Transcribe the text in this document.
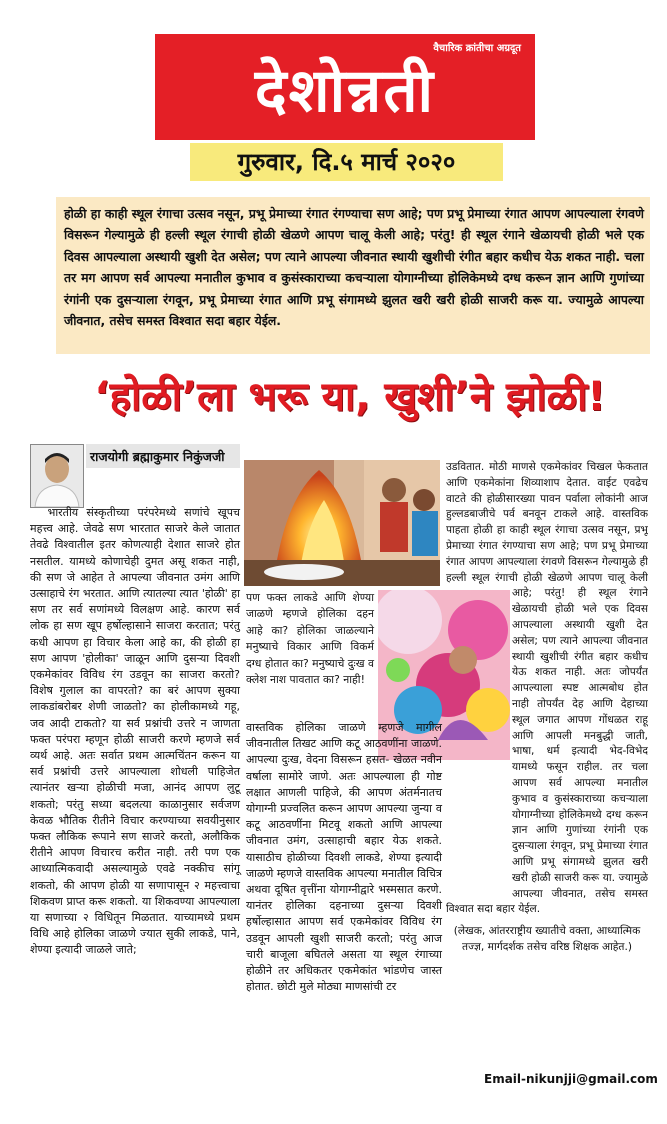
वैचारिक क्रांतीचा अग्रदूत
देशोन्नती
गुरुवार, दि.५ मार्च २०२०
होळी हा काही स्थूल रंगाचा उत्सव नसून, प्रभू प्रेमाच्या रंगात रंगण्याचा सण आहे; पण प्रभू प्रेमाच्या रंगात आपण आपल्याला रंगवणे विसरून गेल्यामुळे ही हल्ली स्थूल रंगाची होळी खेळणे आपण चालू केली आहे; परंतु! ही स्थूल रंगाने खेळायची होळी भले एक दिवस आपल्याला अस्थायी खुशी देत असेल; पण त्याने आपल्या जीवनात स्थायी खुशीची रंगीत बहार कधीच येऊ शकत नाही. चला तर मग आपण सर्व आपल्या मनातील कुभाव व कुसंस्काराच्या कचऱ्याला योगाग्नीच्या होलिकेमध्ये दग्ध करून ज्ञान आणि गुणांच्या रंगांनी एक दुसऱ्याला रंगवून, प्रभू प्रेमाच्या रंगात आणि प्रभू संगामध्ये झुलत खरी खरी होळी साजरी करू या. ज्यामुळे आपल्या जीवनात, तसेच समस्त विश्वात सदा बहार येईल.
‘होळी’ला भरू या, खुशी’ने झोळी!
राजयोगी ब्रह्माकुमार निकुंजजी

भारतीय संस्कृतीच्या परंपरेमध्ये सणांचे खूपच महत्त्व आहे. जेवढे सण भारतात साजरे केले जातात तेवढे विश्वातील इतर कोणत्याही देशात साजरे होत नसतील. यामध्ये कोणाचेही दुमत असू शकत नाही, की सण जे आहेत ते आपल्या जीवनात उमंग आणि उत्साहाचे रंग भरतात. आणि त्यातल्या त्यात 'होळी' हा सण तर सर्व सणांमध्ये विलक्षण आहे. कारण सर्व लोक हा सण खूप हर्षोल्हासाने साजरा करतात; परंतु कधी आपण हा विचार केला आहे का, की होळी हा सण आपण 'होलीका' जाळून आणि दुसऱ्या दिवशी एकमेकांवर विविध रंग उडवून का साजरा करतो? विशेष गुलाल का वापरतो? का बरं आपण सुक्या लाकडांबरोबर शेणी जाळतो? का होलीकामध्ये गहू, जव आदी टाकतो? या सर्व प्रश्नांची उत्तरे न जाणता फक्त परंपरा म्हणून होळी साजरी करणे म्हणजे सर्व व्यर्थ आहे. अतः सर्वात प्रथम आत्मचिंतन करून या सर्व प्रश्नांची उत्तरे आपल्याला शोधली पाहिजेत त्यानंतर खऱ्या होळीची मजा, आनंद आपण लुटू शकतो; परंतु सध्या बदलत्या काळानुसार सर्वजण केवळ भौतिक रीतीने विचार करण्याच्या सवयीनुसार फक्त लौकिक रूपाने सण साजरे करतो, अलौकिक रीतीने आपण विचारच करीत नाही. तरी पण एक आध्यात्मिकवादी असल्यामुळे एवढे नक्कीच सांगू शकतो, की आपण होळी या सणापासून २ महत्त्वाचा शिकवण प्राप्त करू शकतो. या शिकवण्या आपल्याला या सणाच्या २ विधितून मिळतात. याच्यामध्ये प्रथम विधि आहे होलिका जाळणे ज्यात सुकी लाकडे, पाने, शेण्या इत्यादी जाळले जाते;

पण फक्त लाकडे आणि शेण्या जाळणे म्हणजे होलिका दहन आहे का? होलिका जाळल्याने मनुष्याचे विकार आणि विकर्म दग्ध होतात का? मनुष्याचे दुःख व क्लेश नाश पावतात का? नाही!

वास्तविक होलिका जाळणे म्हणजे मागील जीवनातील तिखट आणि कटू आठवणींना जाळणे. आपल्या दुःख, वेदना विसरून हसत- खेळत नवीन वर्षाला सामोरे जाणे. अतः आपल्याला ही गोष्ट लक्षात आणली पाहिजे, की आपण अंतर्मनातच योगाग्नी प्रज्वलित करून आपण आपल्या जुन्या व कटू आठवणींना मिटवू शकतो आणि आपल्या जीवनात उमंग, उत्साहाची बहार येऊ शकते. यासाठीच होळीच्या दिवशी लाकडे, शेण्या इत्यादी जाळणे म्हणजे वास्तविक आपल्या मनातील विचित्र अथवा दूषित वृत्तींना योगाग्नीद्वारे भस्मसात करणे. यानंतर होलिका दहनाच्या दुसऱ्या दिवशी हर्षोल्हासात आपण सर्व एकमेकांवर विविध रंग उडवून आपली खुशी साजरी करतो; परंतु आज चारी बाजूला बघितले असता या स्थूल रंगाच्या होळीने तर अधिकतर एकमेकांत भांडणेच जास्त होतात. छोटी मुले मोठ्या माणसांची टर

उडवितात. मोठी माणसे एकमेकांवर चिखल फेकतात आणि एकमेकांना शिव्याशाप देतात. वाईट एवढेच वाटते की होळीसारख्या पावन पर्वाला लोकांनी आज हुल्लडबाजीचे पर्व बनवून टाकले आहे. वास्तविक पाहता होळी हा काही स्थूल रंगाचा उत्सव नसून, प्रभू प्रेमाच्या रंगात रंगण्याचा सण आहे; पण प्रभू प्रेमाच्या रंगात आपण आपल्याला रंगवणे विसरून गेल्यामुळे ही हल्ली स्थूल रंगाची होळी खेळणे आपण चालू केली आहे; परंतु! ही स्थूल रंगाने खेळायची होळी भले एक दिवस आपल्याला अस्थायी खुशी देत असेल; पण त्याने आपल्या जीवनात स्थायी खुशीची रंगीत बहार कधीच येऊ शकत नाही. अतः जोपर्यंत आपल्याला स्पष्ट आत्मबोध होत नाही तोपर्यंत देह आणि देहाच्या स्थूल जगात आपण गोंधळत राहू आणि आपली मनबुद्धी जाती, भाषा, धर्म इत्यादी भेद-विभेद यामध्ये फसून राहील. तर चला आपण सर्व आपल्या मनातील कुभाव व कुसंस्काराच्या कचऱ्याला योगाग्नीच्या होलिकेमध्ये दग्ध करून ज्ञान आणि गुणांच्या रंगांनी एक दुसऱ्याला रंगवून, प्रभू प्रेमाच्या रंगात आणि प्रभू संगामध्ये झुलत खरी खरी होळी साजरी करू या. ज्यामुळे आपल्या जीवनात, तसेच समस्त विश्वात सदा बहार येईल.

(लेखक, आंतरराष्ट्रीय ख्यातीचे वक्ता, आध्यात्मिक तज्ज्ञ, मार्गदर्शक तसेच वरिष्ठ शिक्षक आहेत.)

Email-nikunjji@gmail.com
